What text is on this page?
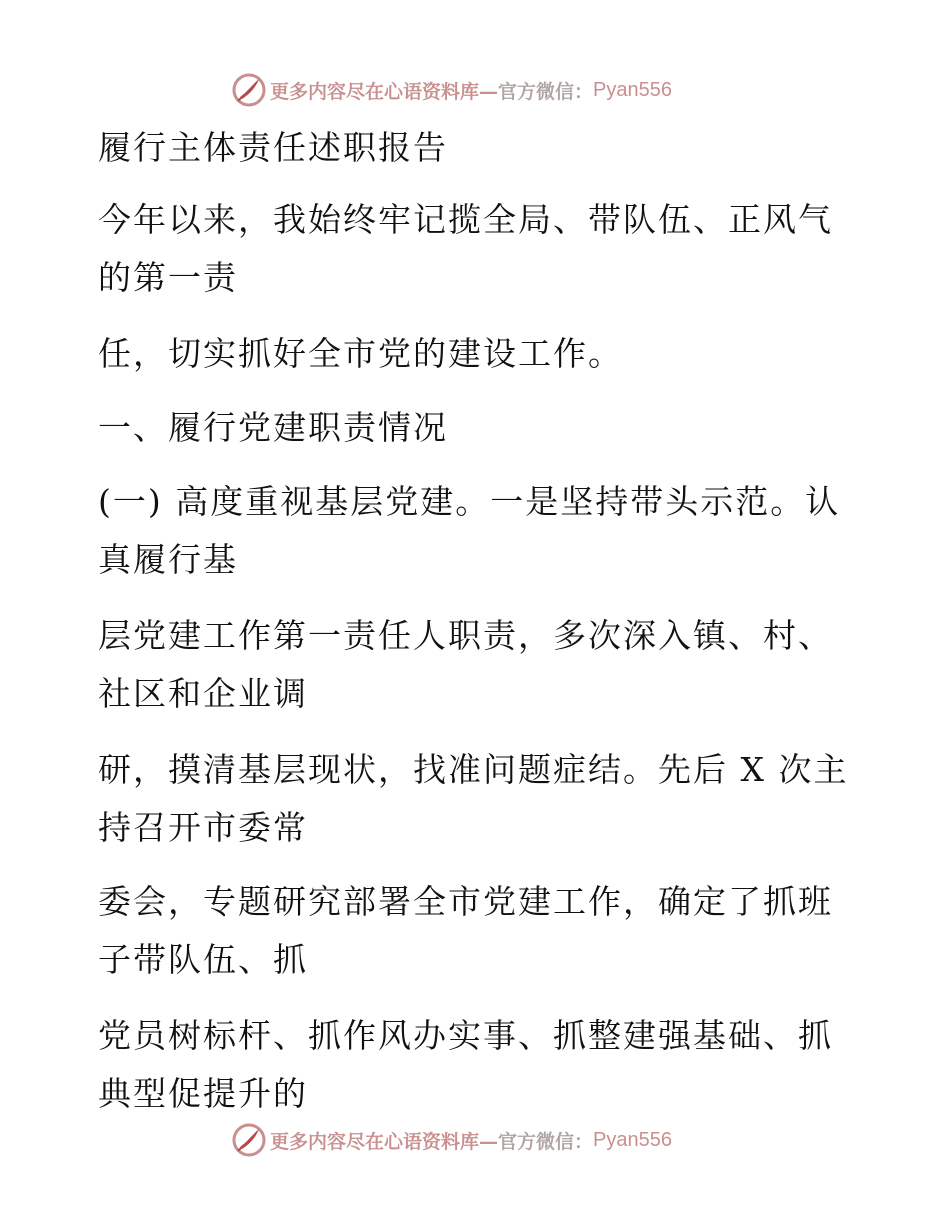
更多内容尽在心语资料库— 官方微信： Pyan556
履行主体责任述职报告
今年以来，我始终牢记揽全局、带队伍、正风气
的第一责
任，切实抓好全市党的建设工作。
一、履行党建职责情况
(一) 高度重视基层党建。一是坚持带头示范。认
真履行基
层党建工作第一责任人职责，多次深入镇、村、
社区和企业调
研，摸清基层现状，找准问题症结。先后 X 次主
持召开市委常
委会，专题研究部署全市党建工作，确定了抓班
子带队伍、抓
党员树标杆、抓作风办实事、抓整建强基础、抓
典型促提升的
更多内容尽在心语资料库— 官方微信： Pyan556
